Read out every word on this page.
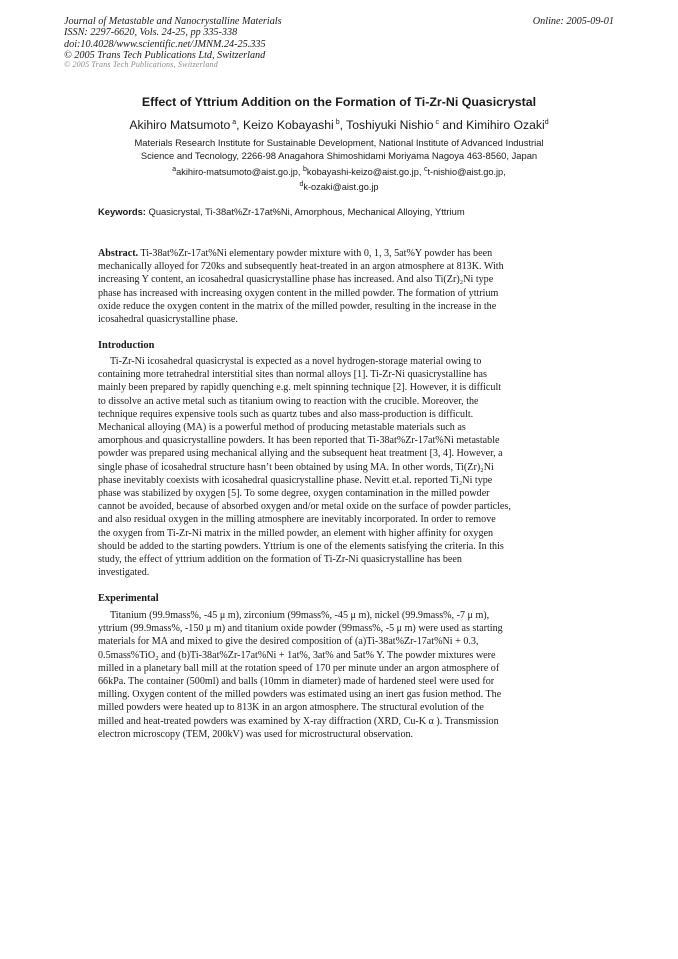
Journal of Metastable and Nanocrystalline Materials
ISSN: 2297-6620, Vols. 24-25, pp 335-338
doi:10.4028/www.scientific.net/JMNM.24-25.335
© 2005 Trans Tech Publications Ltd, Switzerland
© 2005 Trans Tech Publications, Switzerland
Online: 2005-09-01
Effect of Yttrium Addition on the Formation of Ti-Zr-Ni Quasicrystal
Akihiro Matsumoto $^a$, Keizo Kobayashi $^b$, Toshiyuki Nishio $^c$ and Kimihiro Ozaki$^d$
Materials Research Institute for Sustainable Development, National Institute of Advanced Industrial
Science and Tecnology, 2266-98 Anagahora Shimoshidami Moriyama Nagoya 463-8560, Japan
$^a$akihiro-matsumoto@aist.go.jp, $^b$kobayashi-keizo@aist.go.jp, $^c$t-nishio@aist.go.jp,
$^d$k-ozaki@aist.go.jp
Keywords: Quasicrystal, Ti-38at%Zr-17at%Ni, Amorphous, Mechanical Alloying, Yttrium
Abstract. Ti-38at%Zr-17at%Ni elementary powder mixture with 0, 1, 3, 5at%Y powder has been
mechanically alloyed for 720ks and subsequently heat-treated in an argon atmosphere at 813K. With
increasing Y content, an icosahedral quasicrystalline phase has increased. And also Ti(Zr)₂Ni type
phase has increased with increasing oxygen content in the milled powder. The formation of yttrium
oxide reduce the oxygen content in the matrix of the milled powder, resulting in the increase in the
icosahedral quasicrystalline phase.
Introduction
Ti-Zr-Ni icosahedral quasicrystal is expected as a novel hydrogen-storage material owing to
containing more tetrahedral interstitial sites than normal alloys [1]. Ti-Zr-Ni quasicrystalline has
mainly been prepared by rapidly quenching e.g. melt spinning technique [2]. However, it is difficult
to dissolve an active metal such as titanium owing to reaction with the crucible. Moreover, the
technique requires expensive tools such as quartz tubes and also mass-production is difficult.
Mechanical alloying (MA) is a powerful method of producing metastable materials such as
amorphous and quasicrystalline powders. It has been reported that Ti-38at%Zr-17at%Ni metastable
powder was prepared using mechanical allying and the subsequent heat treatment [3, 4]. However, a
single phase of icosahedral structure hasn’t been obtained by using MA. In other words, Ti(Zr)₂Ni
phase inevitably coexists with icosahedral quasicrystalline phase. Nevitt et.al. reported Ti₂Ni type
phase was stabilized by oxygen [5]. To some degree, oxygen contamination in the milled powder
cannot be avoided, because of absorbed oxygen and/or metal oxide on the surface of powder particles,
and also residual oxygen in the milling atmosphere are inevitably incorporated. In order to remove
the oxygen from Ti-Zr-Ni matrix in the milled powder, an element with higher affinity for oxygen
should be added to the starting powders. Yttrium is one of the elements satisfying the criteria. In this
study, the effect of yttrium addition on the formation of Ti-Zr-Ni quasicrystalline has been
investigated.
Experimental
Titanium (99.9mass%, -45 μ m), zirconium (99mass%, -45 μ m), nickel (99.9mass%, -7 μ m),
yttrium (99.9mass%, -150 μ m) and titanium oxide powder (99mass%, -5 μ m) were used as starting
materials for MA and mixed to give the desired composition of (a)Ti-38at%Zr-17at%Ni + 0.3,
0.5mass%TiO₂ and (b)Ti-38at%Zr-17at%Ni + 1at%, 3at% and 5at% Y. The powder mixtures were
milled in a planetary ball mill at the rotation speed of 170 per minute under an argon atmosphere of
66kPa. The container (500ml) and balls (10mm in diameter) made of hardened steel were used for
milling. Oxygen content of the milled powders was estimated using an inert gas fusion method. The
milled powders were heated up to 813K in an argon atmosphere. The structural evolution of the
milled and heat-treated powders was examined by X-ray diffraction (XRD, Cu-K α ). Transmission
electron microscopy (TEM, 200kV) was used for microstructural observation.
